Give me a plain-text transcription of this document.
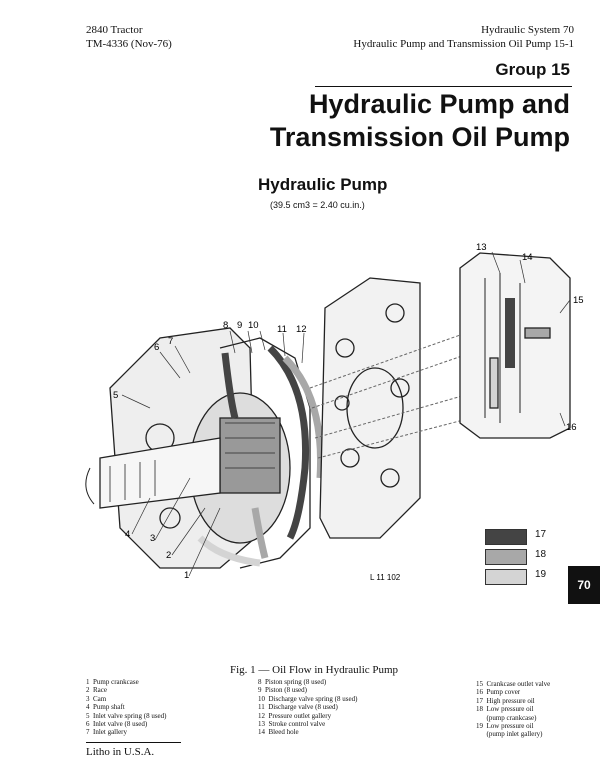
2840 Tractor
TM-4336 (Nov-76)
Hydraulic System 70
Hydraulic Pump and Transmission Oil Pump 15-1
Group 15
Hydraulic Pump and
Transmission Oil Pump
Hydraulic Pump
(39.5 cm3 = 2.40 cu.in.)
1
2
3
4
5
6
7
8 9 10 11 12
13
14
15
16
L 11 102
17
18
19
70
Fig. 1 — Oil Flow in Hydraulic Pump
1  Pump crankcase
2  Race
3  Cam
4  Pump shaft
5  Inlet valve spring (8 used)
6  Inlet valve (8 used)
7  Inlet gallery
8  Piston spring (8 used)
9  Piston (8 used)
10  Discharge valve spring (8 used)
11  Discharge valve (8 used)
12  Pressure outlet gallery
13  Stroke control valve
14  Bleed hole
15  Crankcase outlet valve
16  Pump cover
17  High pressure oil
18  Low pressure oil
(pump crankcase)
19  Low pressure oil
(pump inlet gallery)
Litho in U.S.A.
